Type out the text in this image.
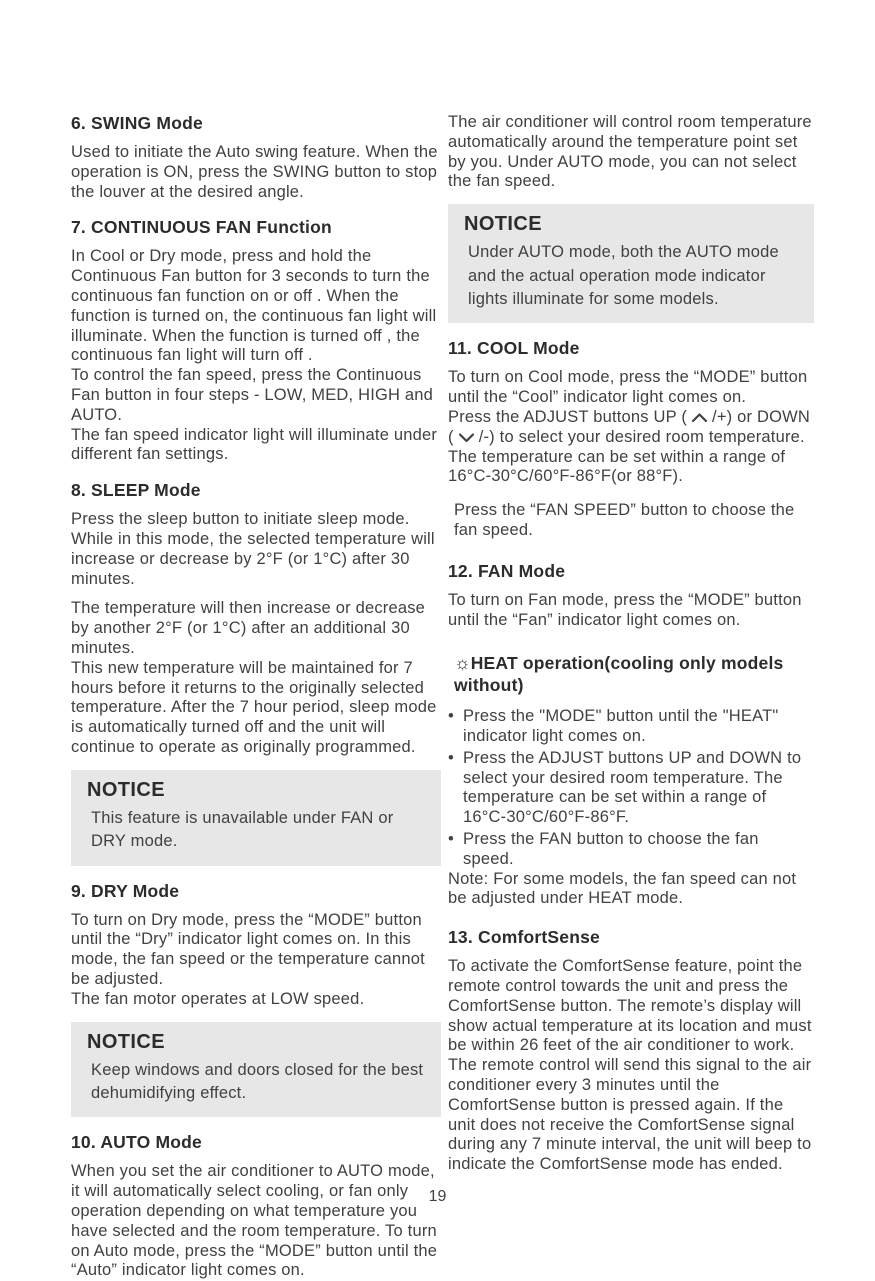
6. SWING Mode

Used to initiate the Auto swing feature. When the operation is ON, press the SWING button to stop the louver at the desired angle.

7. CONTINUOUS FAN Function

In Cool or Dry mode, press and hold the Continuous Fan button for 3 seconds to turn the continuous fan function on or off . When the function is turned on, the continuous fan light will illuminate. When the function is turned off , the continuous fan light will turn off .

To control the fan speed, press the Continuous Fan button in four steps - LOW, MED, HIGH and AUTO.

The fan speed indicator light will illuminate under different fan settings.

8. SLEEP Mode

Press the sleep button to initiate sleep mode. While in this mode, the selected temperature will increase or decrease by 2°F (or 1°C) after 30 minutes.

The temperature will then increase or decrease by another 2°F (or 1°C) after an additional 30 minutes.

This new temperature will be maintained for 7 hours before it returns to the originally selected temperature. After the 7 hour period, sleep mode is automatically turned off and the unit will continue to operate as originally programmed.

NOTICE

This feature is unavailable under FAN or DRY mode.

9. DRY Mode

To turn on Dry mode, press the “MODE” button until the “Dry” indicator light comes on. In this mode, the fan speed or the temperature cannot be adjusted.

The fan motor operates at LOW speed.

NOTICE

Keep windows and doors closed for the best dehumidifying effect.

10. AUTO Mode

When you set the air conditioner to AUTO mode, it will automatically select cooling, or fan only operation depending on what temperature you have selected and the room temperature. To turn on Auto mode, press the “MODE” button until the “Auto” indicator light comes on.

The air conditioner will control room temperature automatically around the temperature point set by you. Under AUTO mode, you can not select the fan speed.

NOTICE

Under AUTO mode, both the AUTO mode and the actual operation mode indicator lights illuminate for some models.

11. COOL Mode

To turn on Cool mode, press the “MODE” button until the “Cool” indicator light comes on.

Press the ADJUST buttons UP ( /+) or DOWN ( /-) to select your desired room temperature.

The temperature can be set within a range of 16°C-30°C/60°F-86°F(or 88°F).

Press the “FAN SPEED” button to choose the fan speed.

12. FAN Mode

To turn on Fan mode, press the “MODE” button until the “Fan” indicator light comes on.

☼HEAT operation(cooling only models without)
• Press the "MODE" button until the "HEAT" indicator light comes on.

• Press the ADJUST buttons UP and DOWN to select your desired room temperature. The temperature can be set within a range of 16°C-30°C/60°F-86°F.

• Press the FAN button to choose the fan speed.

Note: For some models, the fan speed can not be adjusted under HEAT mode.

13. ComfortSense

To activate the ComfortSense feature, point the remote control towards the unit and press the ComfortSense button. The remote’s display will show actual temperature at its location and must be within 26 feet of the air conditioner to work. The remote control will send this signal to the air conditioner every 3 minutes until the ComfortSense button is pressed again. If the unit does not receive the ComfortSense signal during any 7 minute interval, the unit will beep to indicate the ComfortSense mode has ended.

19
